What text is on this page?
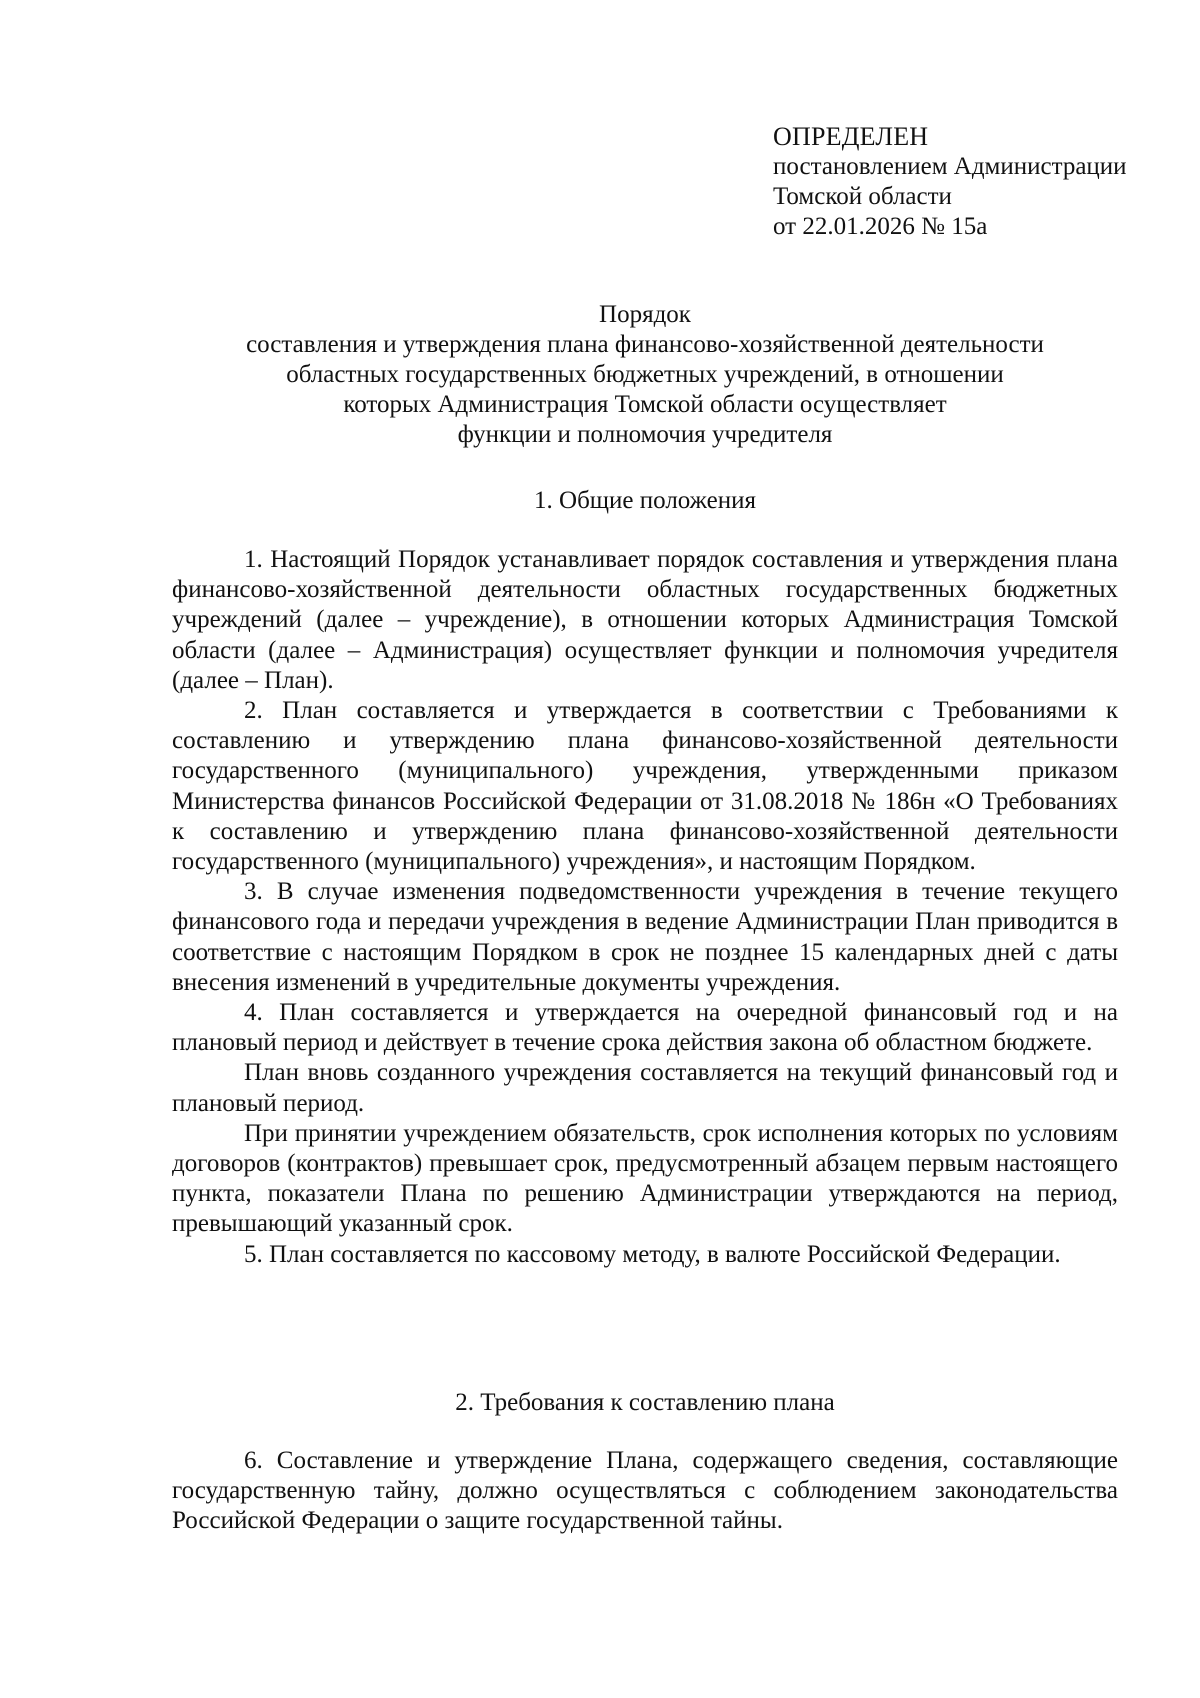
ОПРЕДЕЛЕН
постановлением Администрации
Томской области
от 22.01.2026 № 15а
Порядок
составления и утверждения плана финансово-хозяйственной деятельности
областных государственных бюджетных учреждений, в отношении
которых Администрация Томской области осуществляет
функции и полномочия учредителя
1. Общие положения

1. Настоящий Порядок устанавливает порядок составления и утверждения плана финансово-хозяйственной деятельности областных государственных бюджетных учреждений (далее – учреждение), в отношении которых Администрация Томской области (далее – Администрация) осуществляет функции и полномочия учредителя (далее – План).

2. План составляется и утверждается в соответствии с Требованиями к составлению и утверждению плана финансово-хозяйственной деятельности государственного (муниципального) учреждения, утвержденными приказом Министерства финансов Российской Федерации от 31.08.2018 № 186н «О Требованиях к составлению и утверждению плана финансово-хозяйственной деятельности государственного (муниципального) учреждения», и настоящим Порядком.

3. В случае изменения подведомственности учреждения в течение текущего финансового года и передачи учреждения в ведение Администрации План приводится в соответствие с настоящим Порядком в срок не позднее 15 календарных дней с даты внесения изменений в учредительные документы учреждения.

4. План составляется и утверждается на очередной финансовый год и на плановый период и действует в течение срока действия закона об областном бюджете.

План вновь созданного учреждения составляется на текущий финансовый год и плановый период.

При принятии учреждением обязательств, срок исполнения которых по условиям договоров (контрактов) превышает срок, предусмотренный абзацем первым настоящего пункта, показатели Плана по решению Администрации утверждаются на период, превышающий указанный срок.

5. План составляется по кассовому методу, в валюте Российской Федерации.

2. Требования к составлению плана

6. Составление и утверждение Плана, содержащего сведения, составляющие государственную тайну, должно осуществляться с соблюдением законодательства Российской Федерации о защите государственной тайны.
